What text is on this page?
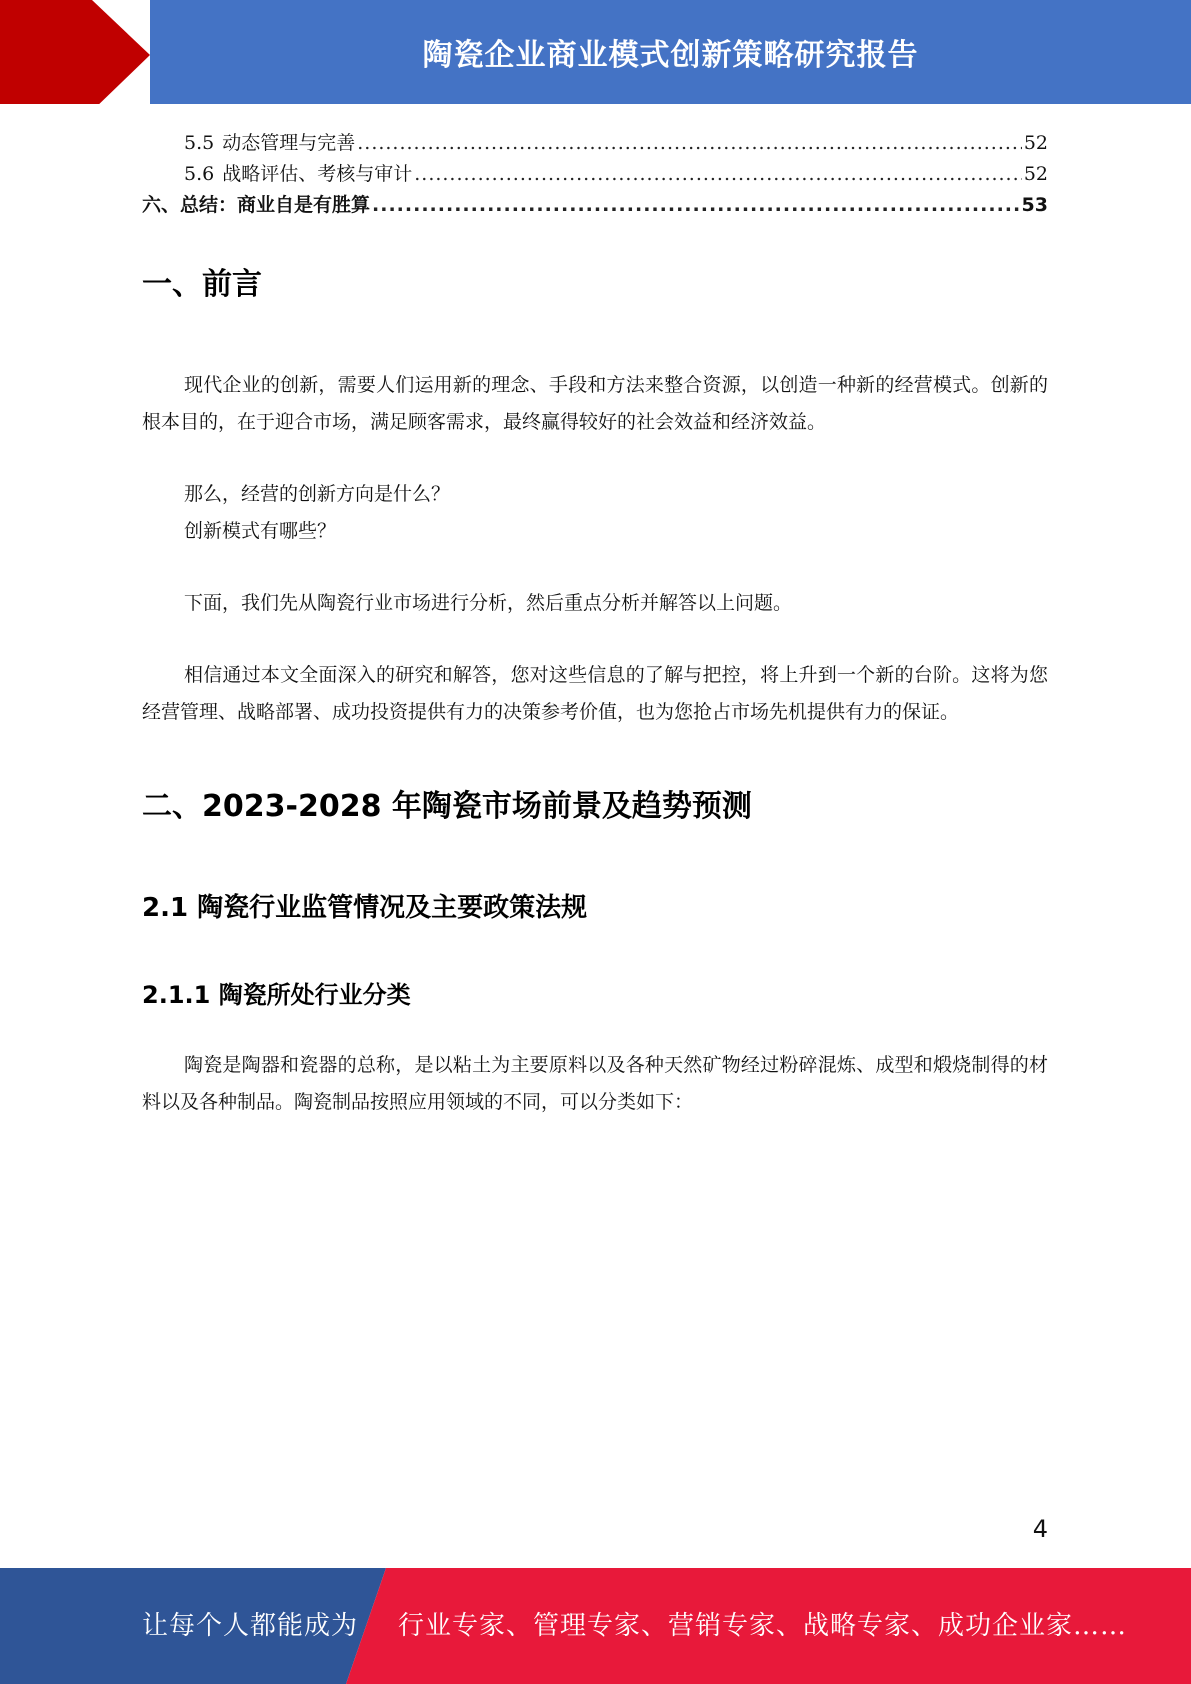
陶瓷企业商业模式创新策略研究报告
5.5 动态管理与完善 .....	52
5.6 战略评估、考核与审计 .....	52
六、总结：商业自是有胜算 .....	53
一、前言

现代企业的创新，需要人们运用新的理念、手段和方法来整合资源，以创造一种新的经营模式。创新的根本目的，在于迎合市场，满足顾客需求，最终赢得较好的社会效益和经济效益。

那么，经营的创新方向是什么？

创新模式有哪些？

下面，我们先从陶瓷行业市场进行分析，然后重点分析并解答以上问题。

相信通过本文全面深入的研究和解答，您对这些信息的了解与把控，将上升到一个新的台阶。这将为您经营管理、战略部署、成功投资提供有力的决策参考价值，也为您抢占市场先机提供有力的保证。

二、2023-2028 年陶瓷市场前景及趋势预测
2.1 陶瓷行业监管情况及主要政策法规
2.1.1 陶瓷所处行业分类

陶瓷是陶器和瓷器的总称，是以粘土为主要原料以及各种天然矿物经过粉碎混炼、成型和煅烧制得的材料以及各种制品。陶瓷制品按照应用领域的不同，可以分类如下：

4
让每个人都能成为 行业专家、管理专家、营销专家、战略专家、成功企业家……
